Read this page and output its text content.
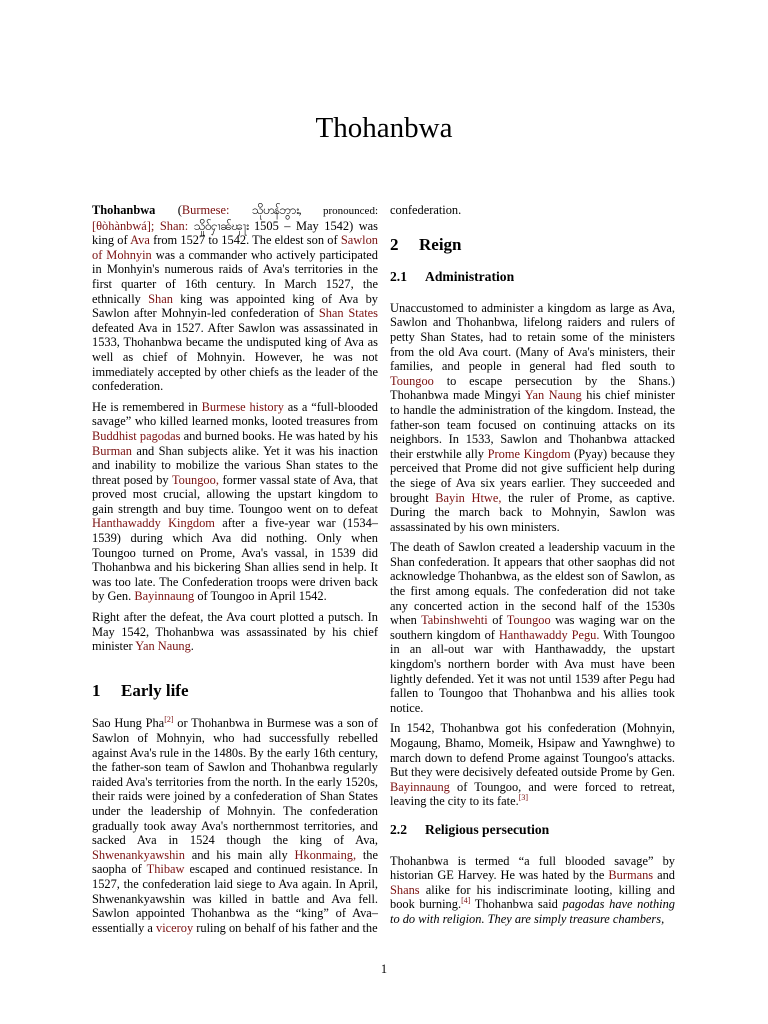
Thohanbwa

Thohanbwa (Burmese: သိုဟန်ဘွား, pronounced: [θòhànbwá]; Shan: သိူဝ်ႁၢၼ်ၾႃး 1505 – May 1542) was king of Ava from 1527 to 1542. The eldest son of Sawlon of Mohnyin was a commander who actively participated in Monhyin's numerous raids of Ava's territories in the first quarter of 16th century. In March 1527, the ethnically Shan king was appointed king of Ava by Sawlon after Mohnyin-led confederation of Shan States defeated Ava in 1527. After Sawlon was assassinated in 1533, Thohanbwa became the undisputed king of Ava as well as chief of Mohnyin. However, he was not immediately accepted by other chiefs as the leader of the confederation.

He is remembered in Burmese history as a “full-blooded savage” who killed learned monks, looted treasures from Buddhist pagodas and burned books. He was hated by his Burman and Shan subjects alike. Yet it was his inaction and inability to mobilize the various Shan states to the threat posed by Toungoo, former vassal state of Ava, that proved most crucial, allowing the upstart kingdom to gain strength and buy time. Toungoo went on to defeat Hanthawaddy Kingdom after a five-year war (1534–1539) during which Ava did nothing. Only when Toungoo turned on Prome, Ava's vassal, in 1539 did Thohanbwa and his bickering Shan allies send in help. It was too late. The Confederation troops were driven back by Gen. Bayinnaung of Toungoo in April 1542.

Right after the defeat, the Ava court plotted a putsch. In May 1542, Thohanbwa was assassinated by his chief minister Yan Naung.

1 Early life

Sao Hung Pha[2] or Thohanbwa in Burmese was a son of Sawlon of Mohnyin, who had successfully rebelled against Ava's rule in the 1480s. By the early 16th century, the father-son team of Sawlon and Thohanbwa regularly raided Ava's territories from the north. In the early 1520s, their raids were joined by a confederation of Shan States under the leadership of Mohnyin. The confederation gradually took away Ava's northernmost territories, and sacked Ava in 1524 though the king of Ava, Shwenankyawshin and his main ally Hkonmaing, the saopha of Thibaw escaped and continued resistance. In 1527, the confederation laid siege to Ava again. In April, Shwenankyawshin was killed in battle and Ava fell. Sawlon appointed Thohanbwa as the “king” of Ava– essentially a viceroy ruling on behalf of his father and the

confederation.

2 Reign
2.1 Administration

Unaccustomed to administer a kingdom as large as Ava, Sawlon and Thohanbwa, lifelong raiders and rulers of petty Shan States, had to retain some of the ministers from the old Ava court. (Many of Ava's ministers, their families, and people in general had fled south to Toungoo to escape persecution by the Shans.) Thohanbwa made Mingyi Yan Naung his chief minister to handle the administration of the kingdom. Instead, the father-son team focused on continuing attacks on its neighbors. In 1533, Sawlon and Thohanbwa attacked their erstwhile ally Prome Kingdom (Pyay) because they perceived that Prome did not give sufficient help during the siege of Ava six years earlier. They succeeded and brought Bayin Htwe, the ruler of Prome, as captive. During the march back to Mohnyin, Sawlon was assassinated by his own ministers.

The death of Sawlon created a leadership vacuum in the Shan confederation. It appears that other saophas did not acknowledge Thohanbwa, as the eldest son of Sawlon, as the first among equals. The confederation did not take any concerted action in the second half of the 1530s when Tabinshwehti of Toungoo was waging war on the southern kingdom of Hanthawaddy Pegu. With Toungoo in an all-out war with Hanthawaddy, the upstart kingdom's northern border with Ava must have been lightly defended. Yet it was not until 1539 after Pegu had fallen to Toungoo that Thohanbwa and his allies took notice.

In 1542, Thohanbwa got his confederation (Mohnyin, Mogaung, Bhamo, Momeik, Hsipaw and Yawnghwe) to march down to defend Prome against Toungoo's attacks. But they were decisively defeated outside Prome by Gen. Bayinnaung of Toungoo, and were forced to retreat, leaving the city to its fate.[3]

2.2 Religious persecution

Thohanbwa is termed “a full blooded savage” by historian GE Harvey. He was hated by the Burmans and Shans alike for his indiscriminate looting, killing and book burning.[4] Thohanbwa said pagodas have nothing to do with religion. They are simply treasure chambers,

1
